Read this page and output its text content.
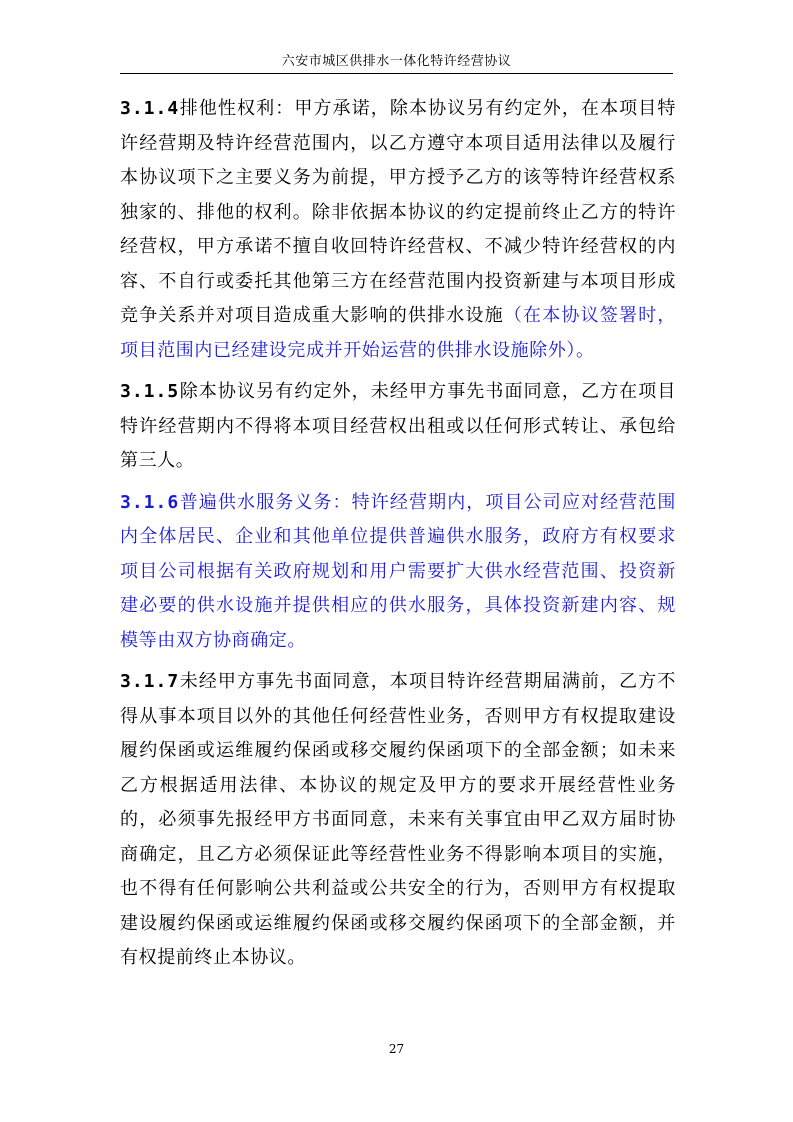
六安市城区供排水一体化特许经营协议

3.1.4排他性权利：甲方承诺，除本协议另有约定外，在本项目特许经营期及特许经营范围内，以乙方遵守本项目适用法律以及履行本协议项下之主要义务为前提，甲方授予乙方的该等特许经营权系独家的、排他的权利。除非依据本协议的约定提前终止乙方的特许经营权，甲方承诺不擅自收回特许经营权、不减少特许经营权的内容、不自行或委托其他第三方在经营范围内投资新建与本项目形成竞争关系并对项目造成重大影响的供排水设施（在本协议签署时，项目范围内已经建设完成并开始运营的供排水设施除外）。

3.1.5除本协议另有约定外，未经甲方事先书面同意，乙方在项目特许经营期内不得将本项目经营权出租或以任何形式转让、承包给第三人。

3.1.6普遍供水服务义务：特许经营期内，项目公司应对经营范围内全体居民、企业和其他单位提供普遍供水服务，政府方有权要求项目公司根据有关政府规划和用户需要扩大供水经营范围、投资新建必要的供水设施并提供相应的供水服务，具体投资新建内容、规模等由双方协商确定。

3.1.7未经甲方事先书面同意，本项目特许经营期届满前，乙方不得从事本项目以外的其他任何经营性业务，否则甲方有权提取建设履约保函或运维履约保函或移交履约保函项下的全部金额；如未来乙方根据适用法律、本协议的规定及甲方的要求开展经营性业务的，必须事先报经甲方书面同意，未来有关事宜由甲乙双方届时协商确定，且乙方必须保证此等经营性业务不得影响本项目的实施，也不得有任何影响公共利益或公共安全的行为，否则甲方有权提取建设履约保函或运维履约保函或移交履约保函项下的全部金额，并有权提前终止本协议。

27
